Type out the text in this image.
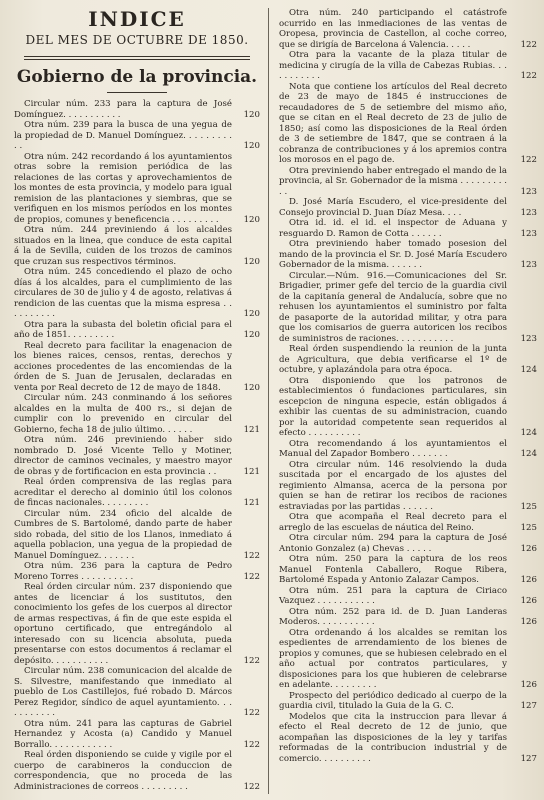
INDICE
DEL MES DE OCTUBRE DE 1850.
Gobierno de la provincia.
Circular núm. 233 para la captura de José Domínguez. . . . . . . . . . .	120
Otra núm. 239 para la busca de una yegua de la propiedad de D. Manuel Domínguez. . . . . . . . . . .	120
Otra núm. 242 recordando á los ayuntamientos otras sobre la remision periódica de las relaciones de las cortas y aprovechamientos de los montes de esta provincia, y modelo para igual remision de las plantaciones y siembras, que se verifiquen en los mismos períodos en los montes de propios, comunes y beneficencia . . . . . . . . .	120
Otra núm. 244 previniendo á los alcaldes situados en la linea, que conduce de esta capital á la de Sevilla, cuiden de los trozos de caminos que cruzan sus respectivos términos.	120
Otra núm. 245 concediendo el plazo de ocho días á los alcaldes, para el cumplimiento de las circulares de 30 de julio y 4 de agosto, relativas á rendicion de las cuentas que la misma espresa . . . . . . . . . .	120
Otra para la subasta del boletin oficial para el año de 1851. . . . . . . . .	120
Real decreto para facilitar la enagenacion de los bienes raices, censos, rentas, derechos y acciones procedentes de las encomiendas de la órden de S. Juan de Jerusalen, declaradas en venta por Real decreto de 12 de mayo de 1848.	120
Circular núm. 243 conminando á los señores alcaldes en la multa de 400 rs., si dejan de cumplir con lo prevenido en circular del Gobierno, fecha 18 de julio último. . . . . .	121
Otra núm. 246 previniendo haber sido nombrado D. José Vicente Tello y Motiner, director de caminos vecinales, y maestro mayor de obras y de fortificacion en esta provincia . .	121
Real órden comprensiva de las reglas para acreditar el derecho al dominio útil los colonos de fincas nacionales. . . . . . . . .	121
Circular núm. 234 oficio del alcalde de Cumbres de S. Bartolomé, dando parte de haber sido robada, del sitio de los Llanos, inmediato á aquella poblacion, una yegua de la propiedad de Manuel Domínguez. . . . . . .	122
Otra núm. 236 para la captura de Pedro Moreno Torres . . . . . . . . . .	122
Real órden circular núm. 237 disponiendo que antes de licenciar á los sustitutos, den conocimiento los gefes de los cuerpos al director de armas respectivas, á fin de que este espida el oportuno certificado, que entregándolo al interesado con su licencia absoluta, pueda presentarse con estos documentos á reclamar el depósito. . . . . . . . . . .	122
Circular núm. 238 comunicacion del alcalde de S. Silvestre, manifestando que inmediato al pueblo de Los Castillejos, fué robado D. Márcos Perez Regidor, síndico de aquel ayuntamiento. . . . . . . . . . .	122
Otra núm. 241 para las capturas de Gabriel Hernandez y Acosta (a) Candido y Manuel Borrallo. . . . . . . . . . . .	122
Real órden disponiendo se cuide y vigile por el cuerpo de carabineros la conduccion de correspondencia, que no proceda de las Administraciones de correos . . . . . . . . .	122
Otra núm. 240 participando el catástrofe ocurrido en las inmediaciones de las ventas de Oropesa, provincia de Castellon, al coche correo, que se dirigía de Barcelona á Valencia. . . . .	122
Otra para la vacante de la plaza titular de medicina y cirugía de la villa de Cabezas Rubias. . . . . . . . . . .	122
Nota que contiene los artículos del Real decreto de 23 de mayo de 1845 é instrucciones de recaudadores de 5 de setiembre del mismo año, que se citan en el Real decreto de 23 de julio de 1850; así como las disposiciones de la Real órden de 3 de setiembre de 1847, que se contraen á la cobranza de contribuciones y á los apremios contra los morosos en el pago de.	122
Otra previniendo haber entregado el mando de la provincia, al Sr. Gobernador de la misma . . . . . . . . . . .	123
D. José María Escudero, el vice-presidente del Consejo provincial D. Juan Díaz Mesa. . . .	123
Otra id. id. el id. el inspector de Aduana y resguardo D. Ramon de Cotta . . . . . .	123
Otra previniendo haber tomado posesion del mando de la provincia el Sr. D. José María Escudero Gobernador de la misma. . . . . . .	123
Circular.—Núm. 916.—Comunicaciones del Sr. Brigadier, primer gefe del tercio de la guardia civil de la capitanía general de Andalucía, sobre que no rehusen los ayuntamientos el suministro por falta de pasaporte de la autoridad militar, y otra para que los comisarios de guerra autoricen los recibos de suministros de raciones. . . . . . . . . . .	123
Real órden suspendiendo la reunion de la junta de Agricultura, que debia verificarse el 1º de octubre, y aplazándola para otra época.	124
Otra disponiendo que los patronos de establecimientos ó fundaciones particulares, sin escepcion de ninguna especie, están obligados á exhibir las cuentas de su administracion, cuando por la autoridad competente sean requeridos al efecto . . . . . . . . . .	124
Otra recomendando á los ayuntamientos el Manual del Zapador Bombero . . . . . . .	124
Otra circular núm. 146 resolviendo la duda suscitada por el encargado de los ajustes del regimiento Almansa, acerca de la persona por quien se han de retirar los recibos de raciones estraviadas por las partidas . . . . . .	125
Otra que acompaña el Real decreto para el arreglo de las escuelas de náutica del Reino.	125
Otra circular núm. 294 para la captura de José Antonio Gonzalez (a) Chevas . . . . .	126
Otra núm. 250 para la captura de los reos Manuel Fontenla Caballero, Roque Ribera, Bartolomé Espada y Antonio Zalazar Campos.	126
Otra núm. 251 para la captura de Ciriaco Vazquez . . . . . . . . . . .	126
Otra núm. 252 para id. de D. Juan Landeras Moderos. . . . . . . . . . .	126
Otra ordenando á los alcaldes se remitan los espedientes de arrendamiento de los bienes de propios y comunes, que se hubiesen celebrado en el año actual por contratos particulares, y disposiciones para los que hubieren de celebrarse en adelante. . . . . . . . .	126
Prospecto del periódico dedicado al cuerpo de la guardia civil, titulado la Guia de la G. C.	127
Modelos que cita la instruccion para llevar á efecto el Real decreto de 12 de junio, que acompañan las disposiciones de la ley y tarifas reformadas de la contribucion industrial y de comercio. . . . . . . . . .	127
